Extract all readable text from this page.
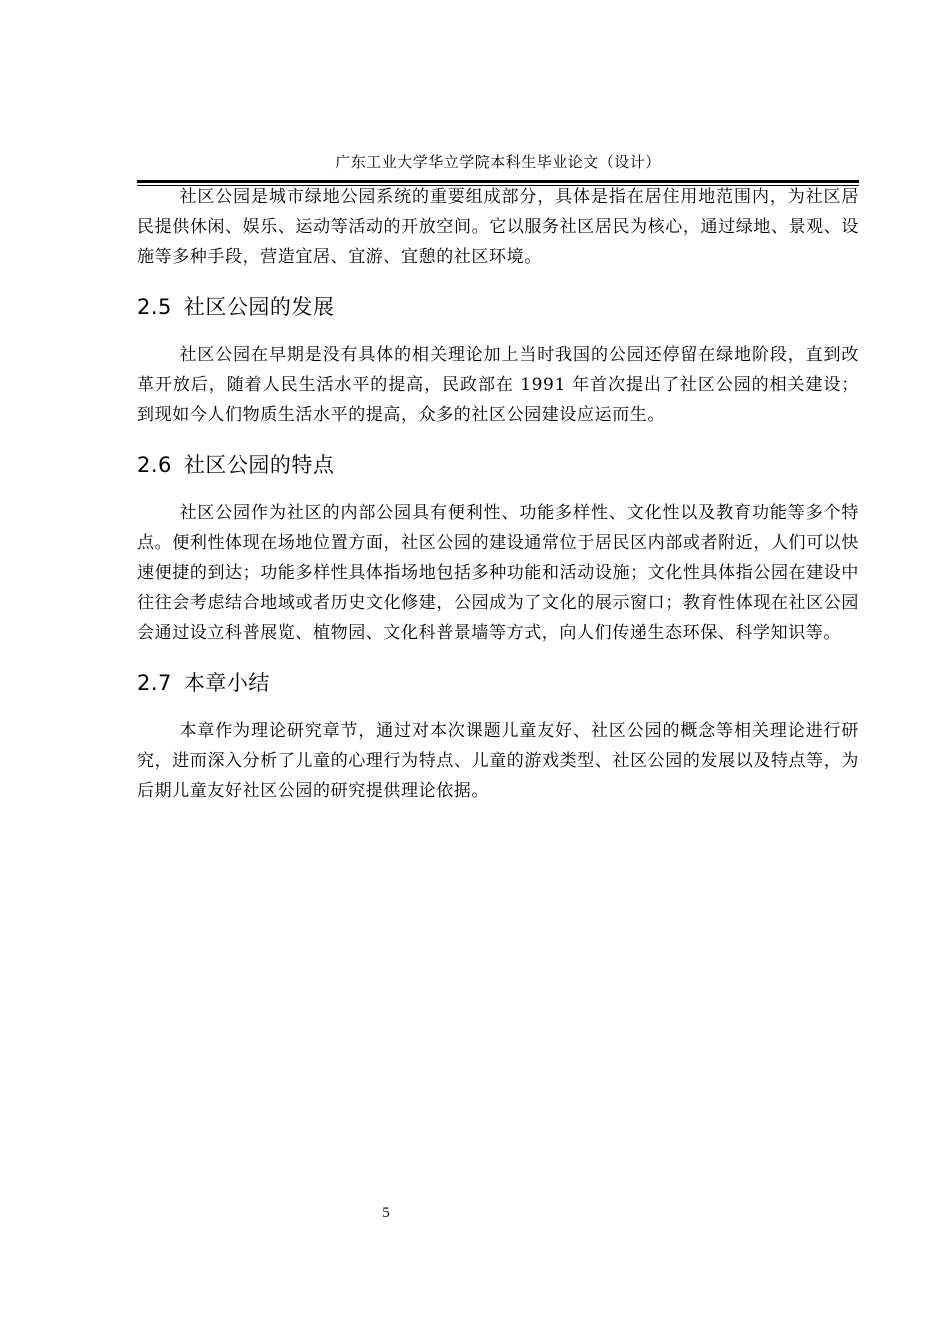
广东工业大学华立学院本科生毕业论文（设计）

社区公园是城市绿地公园系统的重要组成部分，具体是指在居住用地范围内，为社区居民提供休闲、娱乐、运动等活动的开放空间。它以服务社区居民为核心，通过绿地、景观、设施等多种手段，营造宜居、宜游、宜憩的社区环境。

2.5 社区公园的发展

社区公园在早期是没有具体的相关理论加上当时我国的公园还停留在绿地阶段，直到改革开放后，随着人民生活水平的提高，民政部在 1991 年首次提出了社区公园的相关建设；到现如今人们物质生活水平的提高，众多的社区公园建设应运而生。

2.6 社区公园的特点

社区公园作为社区的内部公园具有便利性、功能多样性、文化性以及教育功能等多个特点。便利性体现在场地位置方面，社区公园的建设通常位于居民区内部或者附近，人们可以快速便捷的到达；功能多样性具体指场地包括多种功能和活动设施；文化性具体指公园在建设中往往会考虑结合地域或者历史文化修建，公园成为了文化的展示窗口；教育性体现在社区公园会通过设立科普展览、植物园、文化科普景墙等方式，向人们传递生态环保、科学知识等。

2.7 本章小结

本章作为理论研究章节，通过对本次课题儿童友好、社区公园的概念等相关理论进行研究，进而深入分析了儿童的心理行为特点、儿童的游戏类型、社区公园的发展以及特点等，为后期儿童友好社区公园的研究提供理论依据。

5
